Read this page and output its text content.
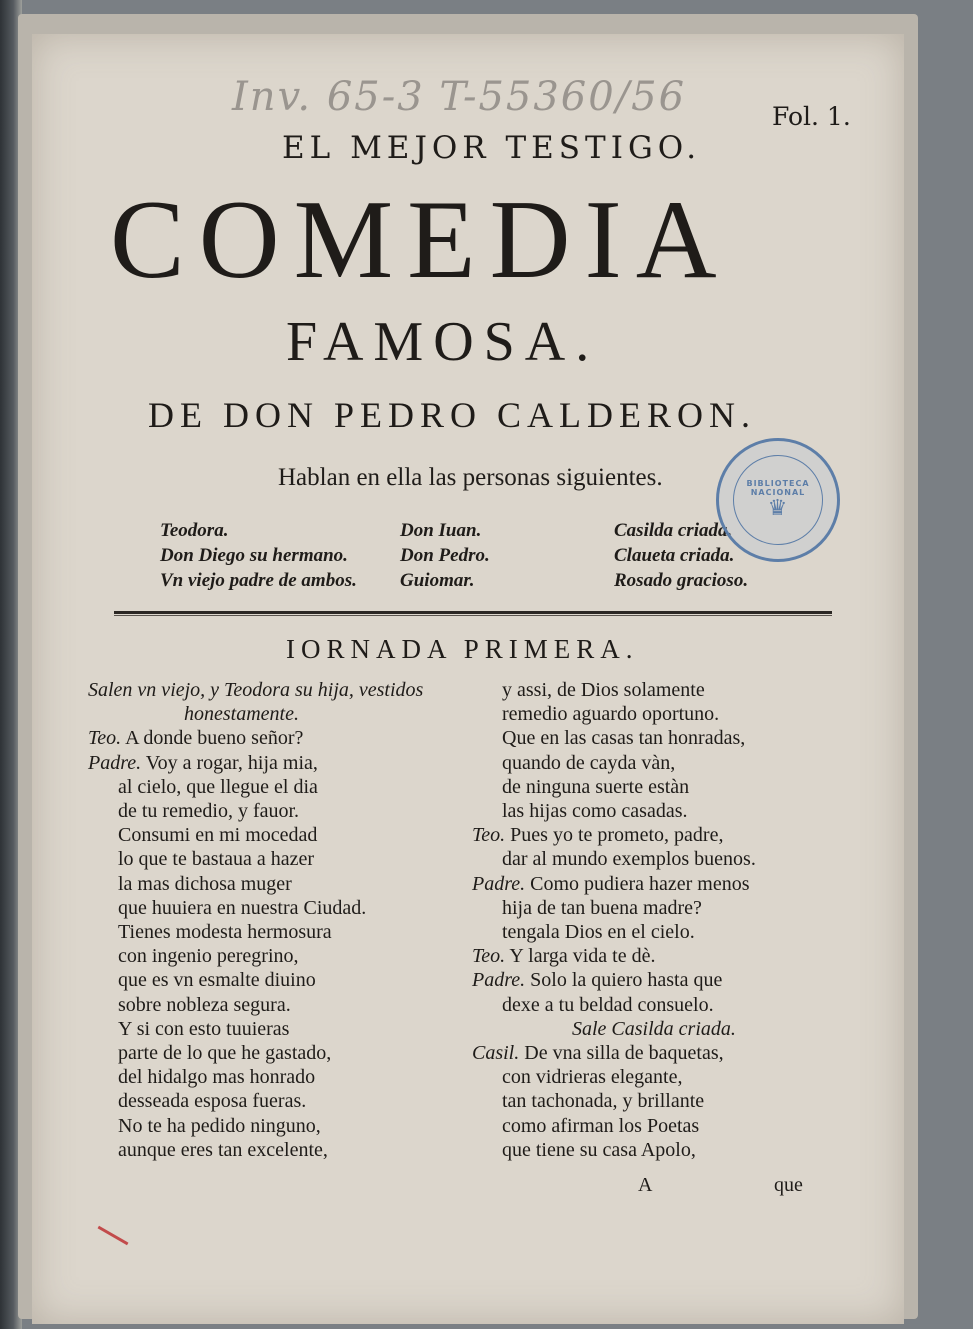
Inv. 65-3 T-55360/56	Fol. 1.
EL MEJOR TESTIGO.
COMEDIA
FAMOSA.
DE DON PEDRO CALDERON.
Hablan en ella las personas siguientes.
Teodora.
Don Diego su hermano.
Vn viejo padre de ambos.
Don Iuan.
Don Pedro.
Guiomar.
Casilda criada.
Claueta criada.
Rosado gracioso.
BIBLIOTECA NACIONAL
♛
IORNADA PRIMERA.
Salen vn viejo, y Teodora su hija, vestidos
honestamente.
Teo. A donde bueno señor?
Padre. Voy a rogar, hija mia,
al cielo, que llegue el dia
de tu remedio, y fauor.
Consumi en mi mocedad
lo que te bastaua a hazer
la mas dichosa muger
que huuiera en nuestra Ciudad.
Tienes modesta hermosura
con ingenio peregrino,
que es vn esmalte diuino
sobre nobleza segura.
Y si con esto tuuieras
parte de lo que he gastado,
del hidalgo mas honrado
dessеada esposa fueras.
No te ha pedido ninguno,
aunque eres tan excelente,
y assi, de Dios solamente
remedio aguardo oportuno.
Que en las casas tan honradas,
quando de cayda vàn,
de ninguna suerte estàn
las hijas como casadas.
Teo. Pues yo te prometo, padre,
dar al mundo exemplos buenos.
Padre. Como pudiera hazer menos
hija de tan buena madre?
tengala Dios en el cielo.
Teo. Y larga vida te dè.
Padre. Solo la quiero hasta que
dexe a tu beldad consuelo.
Sale Casilda criada.
Casil. De vna silla de baquetas,
con vidrieras elegante,
tan tachonada, y brillante
como afirman los Poetas
que tiene su casa Apolo,
A	que
